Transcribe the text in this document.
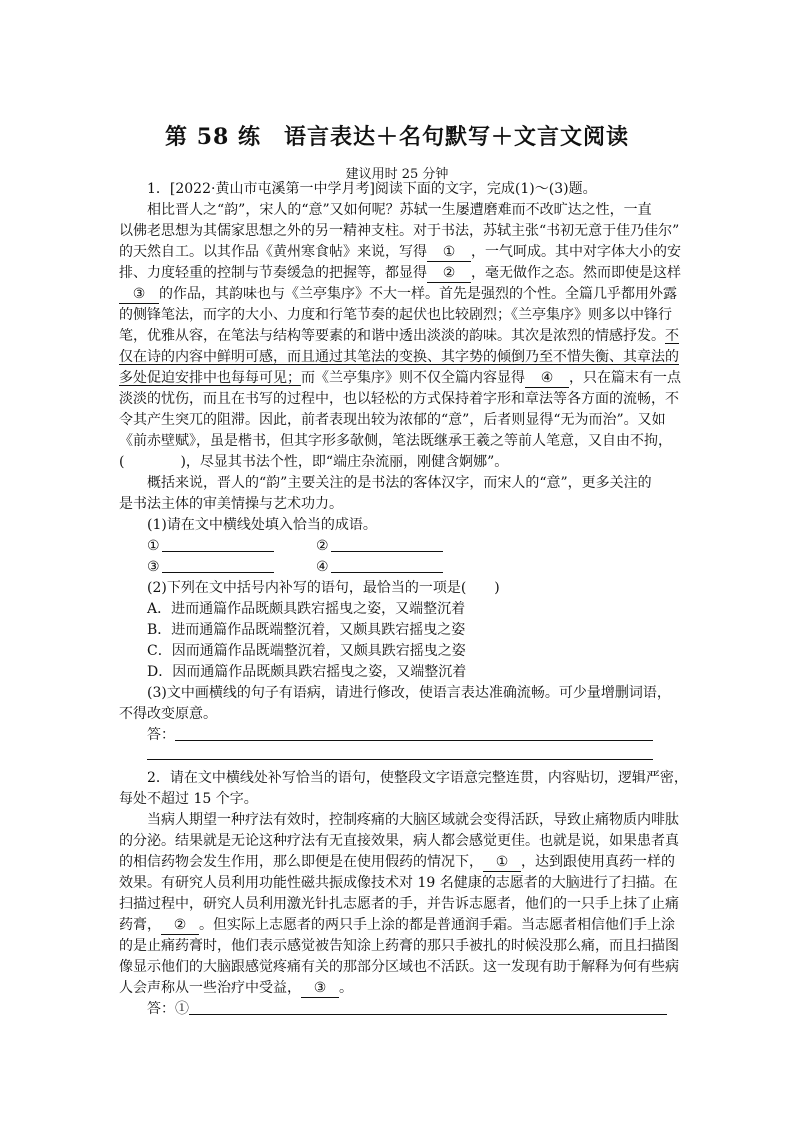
第 58 练　语言表达＋名句默写＋文言文阅读
建议用时 25 分钟
1．[2022·黄山市屯溪第一中学月考]阅读下面的文字，完成(1)～(3)题。
相比晋人之“韵”，宋人的“意”又如何呢？苏轼一生屡遭磨难而不改旷达之性，一直
以佛老思想为其儒家思想之外的另一精神支柱。对于书法，苏轼主张“书初无意于佳乃佳尔”
的天然自工。以其作品《黄州寒食帖》来说，写得 ① ，一气呵成。其中对字体大小的安
排、力度轻重的控制与节奏缓急的把握等，都显得 ② ，毫无做作之态。然而即使是这样
③ 的作品，其韵味也与《兰亭集序》不大一样。首先是强烈的个性。全篇几乎都用外露
的侧锋笔法，而字的大小、力度和行笔节奏的起伏也比较剧烈；《兰亭集序》则多以中锋行
笔，优雅从容，在笔法与结构等要素的和谐中透出淡淡的韵味。其次是浓烈的情感抒发。不
仅在诗的内容中鲜明可感，而且通过其笔法的变换、其字势的倾倒乃至不惜失衡、其章法的
多处促迫安排中也每每可见；而《兰亭集序》则不仅全篇内容显得 ④ ，只在篇末有一点
淡淡的忧伤，而且在书写的过程中，也以轻松的方式保持着字形和章法等各方面的流畅，不
令其产生突兀的阻滞。因此，前者表现出较为浓郁的“意”，后者则显得“无为而治”。又如
《前赤壁赋》，虽是楷书，但其字形多欹侧，笔法既继承王羲之等前人笔意，又自由不拘，
(　　　　)，尽显其书法个性，即“端庄杂流丽，刚健含婀娜”。
概括来说，晋人的“韵”主要关注的是书法的客体汉字，而宋人的“意”，更多关注的
是书法主体的审美情操与艺术功力。
(1)请在文中横线处填入恰当的成语。
①	②
③	④
(2)下列在文中括号内补写的语句，最恰当的一项是(　　)
A．进而通篇作品既颇具跌宕摇曳之姿，又端整沉着
B．进而通篇作品既端整沉着，又颇具跌宕摇曳之姿
C．因而通篇作品既端整沉着，又颇具跌宕摇曳之姿
D．因而通篇作品既颇具跌宕摇曳之姿，又端整沉着
(3)文中画横线的句子有语病，请进行修改，使语言表达准确流畅。可少量增删词语，
不得改变原意。
答：
2．请在文中横线处补写恰当的语句，使整段文字语意完整连贯，内容贴切，逻辑严密，
每处不超过 15 个字。
当病人期望一种疗法有效时，控制疼痛的大脑区域就会变得活跃，导致止痛物质内啡肽
的分泌。结果就是无论这种疗法有无直接效果，病人都会感觉更佳。也就是说，如果患者真
的相信药物会发生作用，那么即便是在使用假药的情况下， ① ，达到跟使用真药一样的
效果。有研究人员利用功能性磁共振成像技术对 19 名健康的志愿者的大脑进行了扫描。在
扫描过程中，研究人员利用激光针扎志愿者的手，并告诉志愿者，他们的一只手上抹了止痛
药膏， ② 。但实际上志愿者的两只手上涂的都是普通润手霜。当志愿者相信他们手上涂
的是止痛药膏时，他们表示感觉被告知涂上药膏的那只手被扎的时候没那么痛，而且扫描图
像显示他们的大脑跟感觉疼痛有关的那部分区域也不活跃。这一发现有助于解释为何有些病
人会声称从一些治疗中受益， ③ 。
答：①
